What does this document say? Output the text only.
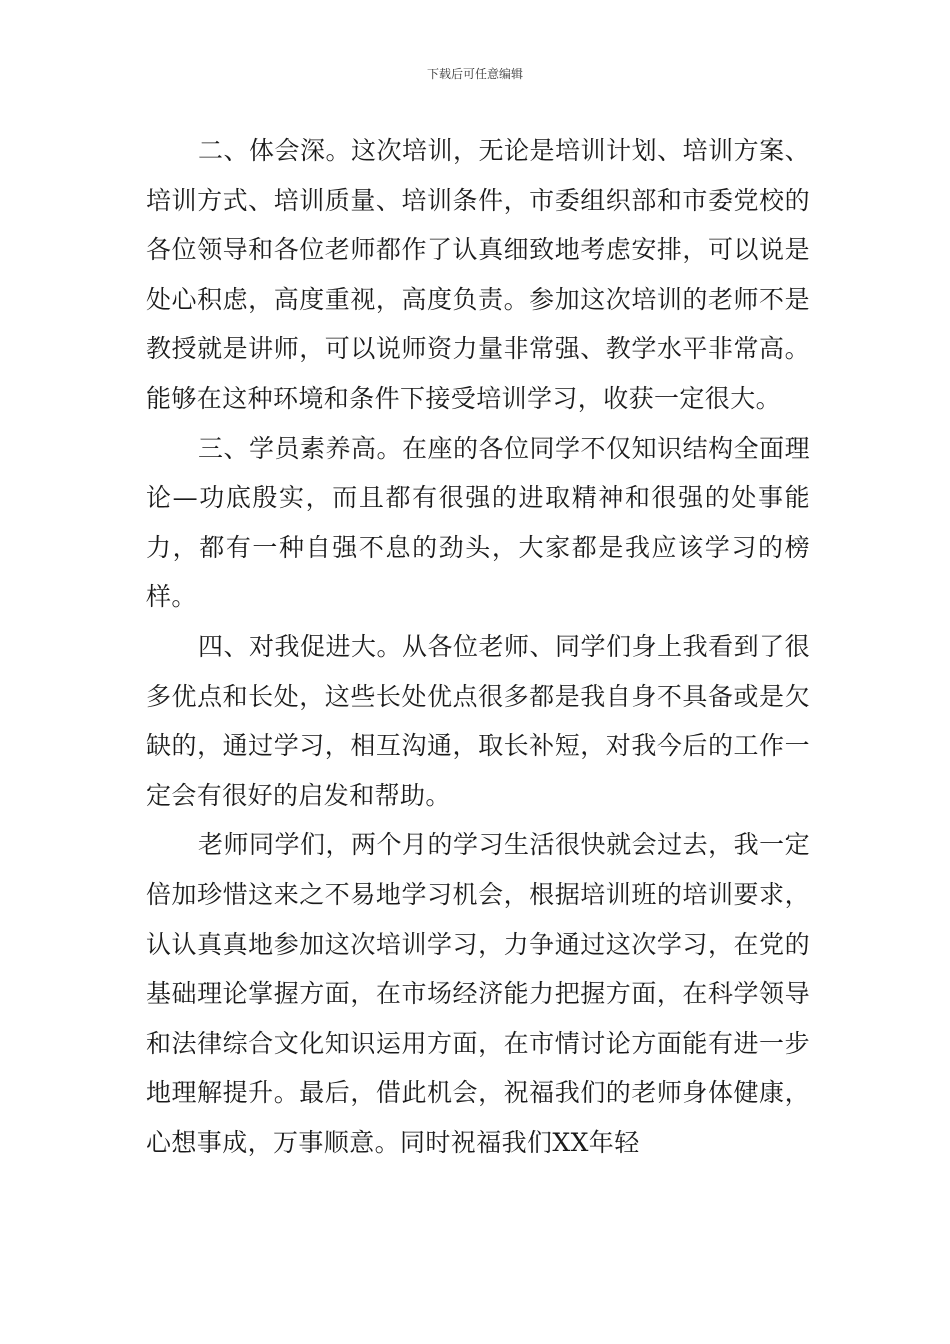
下载后可任意编辑

二、体会深。这次培训，无论是培训计划、培训方案、培训方式、培训质量、培训条件，市委组织部和市委党校的各位领导和各位老师都作了认真细致地考虑安排，可以说是处心积虑，高度重视，高度负责。参加这次培训的老师不是教授就是讲师，可以说师资力量非常强、教学水平非常高。能够在这种环境和条件下接受培训学习，收获一定很大。

三、学员素养高。在座的各位同学不仅知识结构全面理论—功底殷实，而且都有很强的进取精神和很强的处事能力，都有一种自强不息的劲头，大家都是我应该学习的榜样。

四、对我促进大。从各位老师、同学们身上我看到了很多优点和长处，这些长处优点很多都是我自身不具备或是欠缺的，通过学习，相互沟通，取长补短，对我今后的工作一定会有很好的启发和帮助。

老师同学们，两个月的学习生活很快就会过去，我一定倍加珍惜这来之不易地学习机会，根据培训班的培训要求，认认真真地参加这次培训学习，力争通过这次学习，在党的基础理论掌握方面，在市场经济能力把握方面，在科学领导和法律综合文化知识运用方面，在市情讨论方面能有进一步地理解提升。最后，借此机会，祝福我们的老师身体健康，心想事成，万事顺意。同时祝福我们XX年轻
